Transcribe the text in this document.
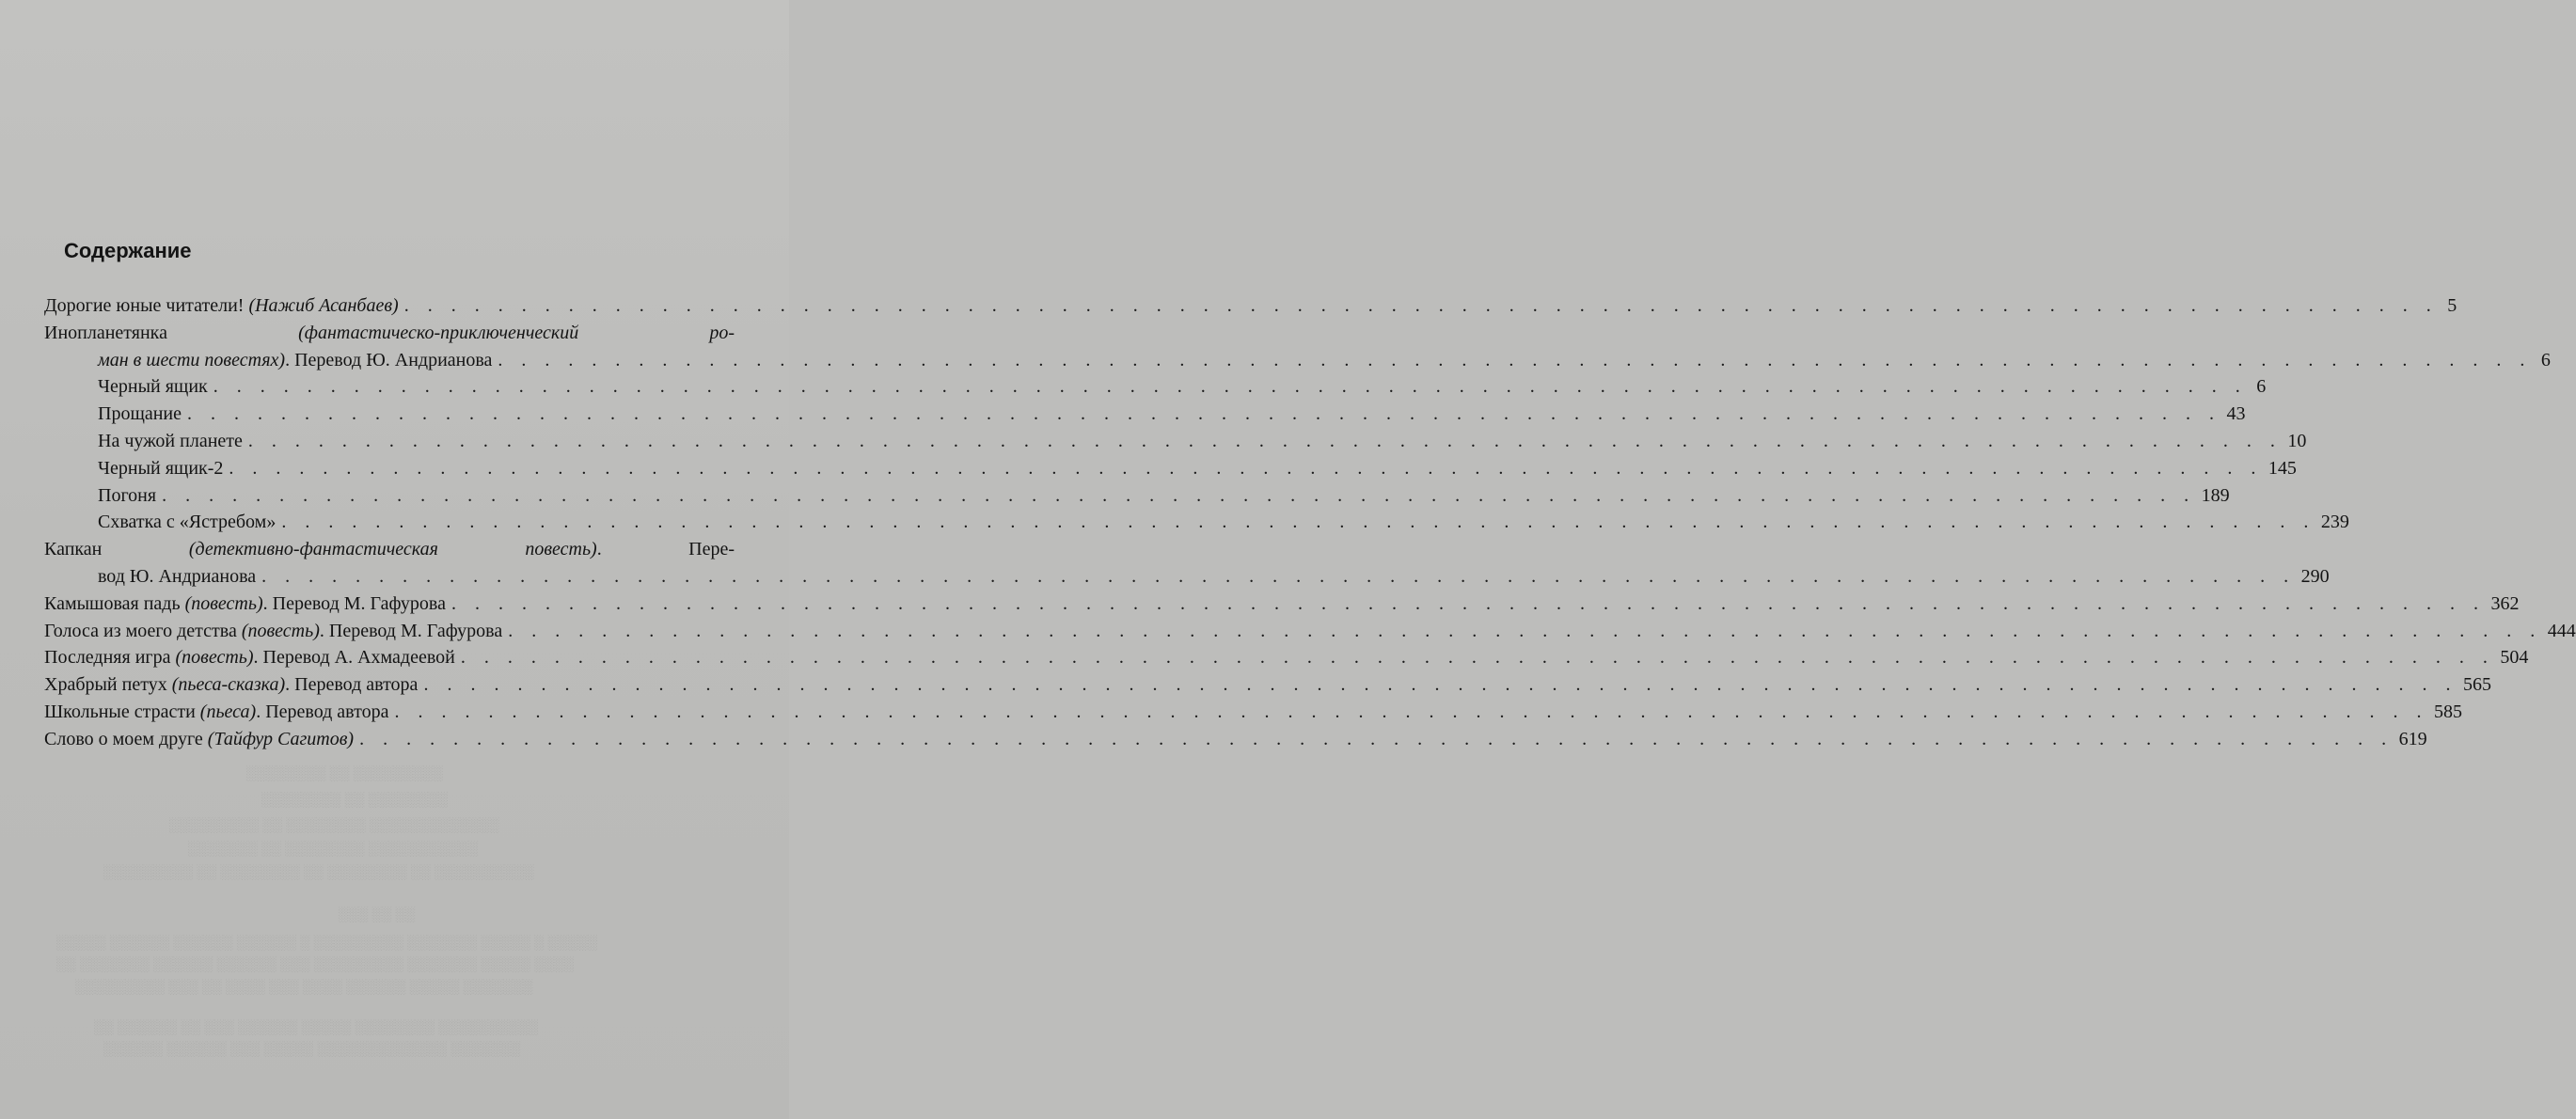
░░░░░░░░░ ░░ ░░░░░░░░
░░░░░░░░ ░░ ░░░░░░░░
░░░░░░░░░░░░░ ░░░░░░░░ ░░ ░░░░░░░░░
░░░░░░░░░░░ ░░░░░░░░ ░░ ░░░░░░░
░░░░░░░░░░ ░░ ░░░░░░░░ ░░ ░░░░░░░░ ░░ ░░░░░░░░░
░░ ░░ ░░░
░░░░░ ░ ░░░░░ ░░░░░░░ ░░░░░░░░░ ░ ░░░░░░ ░░░░░░ ░░░░░░ ░░░░░
░░░░ ░░░░░ ░░░░░░░ ░░░░░░░░░ ░░░ ░░░░░░ ░░░░░░ ░░░░░░░ ░░
░░░░░░░ ░░░░░ ░░░░░░ ░░░░ ░░░ ░░░░ ░░ ░░░ ░░░░░░░░░
░░░░░░░░░░ ░░░░░░░░ ░░░░░ ░░░░░░ ░░░ ░░ ░░░░░░ ░░
░░░░░░░ ░░░░░░░░░░░░░ ░░░░░ ░░░ ░░░░░░ ░░░░░░
Содержание
Дорогие юные читатели! (Нажиб Асанбаев) . . . . . . . . . . . . . . . . . . . . . . . . . . . . . . . . . . . . . . . . . . . . . . . . . . . . . . . . . . . . . . . . . . . . . . . . . . . . . . . . . . . . . . . 5
Инопланетянка (фантастическо-приключенческий ро-
ман в шести повестях). Перевод Ю. Андрианова . . . . . . . . . . . . . . . . . . . . . . . . . . . . . . . . . . . . . . . . . . . . . . . . . . . . . . . . . . . . . . . . . . . . . . . . . . . . . . . . . . . . . . . 6
Черный ящик . . . . . . . . . . . . . . . . . . . . . . . . . . . . . . . . . . . . . . . . . . . . . . . . . . . . . . . . . . . . . . . . . . . . . . . . . . . . . . . . . . . . . . . 6
Прощание . . . . . . . . . . . . . . . . . . . . . . . . . . . . . . . . . . . . . . . . . . . . . . . . . . . . . . . . . . . . . . . . . . . . . . . . . . . . . . . . . . . . . . . 43
На чужой планете . . . . . . . . . . . . . . . . . . . . . . . . . . . . . . . . . . . . . . . . . . . . . . . . . . . . . . . . . . . . . . . . . . . . . . . . . . . . . . . . . . . . . . . 10
Черный ящик-2 . . . . . . . . . . . . . . . . . . . . . . . . . . . . . . . . . . . . . . . . . . . . . . . . . . . . . . . . . . . . . . . . . . . . . . . . . . . . . . . . . . . . . . . 145
Погоня . . . . . . . . . . . . . . . . . . . . . . . . . . . . . . . . . . . . . . . . . . . . . . . . . . . . . . . . . . . . . . . . . . . . . . . . . . . . . . . . . . . . . . . 189
Схватка с «Ястребом» . . . . . . . . . . . . . . . . . . . . . . . . . . . . . . . . . . . . . . . . . . . . . . . . . . . . . . . . . . . . . . . . . . . . . . . . . . . . . . . . . . . . . . . 239
Капкан (детективно-фантастическая повесть). Пере-
вод Ю. Андрианова . . . . . . . . . . . . . . . . . . . . . . . . . . . . . . . . . . . . . . . . . . . . . . . . . . . . . . . . . . . . . . . . . . . . . . . . . . . . . . . . . . . . . . . 290
Камышовая падь (повесть). Перевод М. Гафурова . . . . . . . . . . . . . . . . . . . . . . . . . . . . . . . . . . . . . . . . . . . . . . . . . . . . . . . . . . . . . . . . . . . . . . . . . . . . . . . . . . . . . . . 362
Голоса из моего детства (повесть). Перевод М. Гафурова . . . . . . . . . . . . . . . . . . . . . . . . . . . . . . . . . . . . . . . . . . . . . . . . . . . . . . . . . . . . . . . . . . . . . . . . . . . . . . . . . . . . . . . 444
Последняя игра (повесть). Перевод А. Ахмадеевой . . . . . . . . . . . . . . . . . . . . . . . . . . . . . . . . . . . . . . . . . . . . . . . . . . . . . . . . . . . . . . . . . . . . . . . . . . . . . . . . . . . . . . . 504
Храбрый петух (пьеса-сказка). Перевод автора . . . . . . . . . . . . . . . . . . . . . . . . . . . . . . . . . . . . . . . . . . . . . . . . . . . . . . . . . . . . . . . . . . . . . . . . . . . . . . . . . . . . . . . 565
Школьные страсти (пьеса). Перевод автора . . . . . . . . . . . . . . . . . . . . . . . . . . . . . . . . . . . . . . . . . . . . . . . . . . . . . . . . . . . . . . . . . . . . . . . . . . . . . . . . . . . . . . . 585
Слово о моем друге (Тайфур Сагитов) . . . . . . . . . . . . . . . . . . . . . . . . . . . . . . . . . . . . . . . . . . . . . . . . . . . . . . . . . . . . . . . . . . . . . . . . . . . . . . . . . . . . . . . 619
